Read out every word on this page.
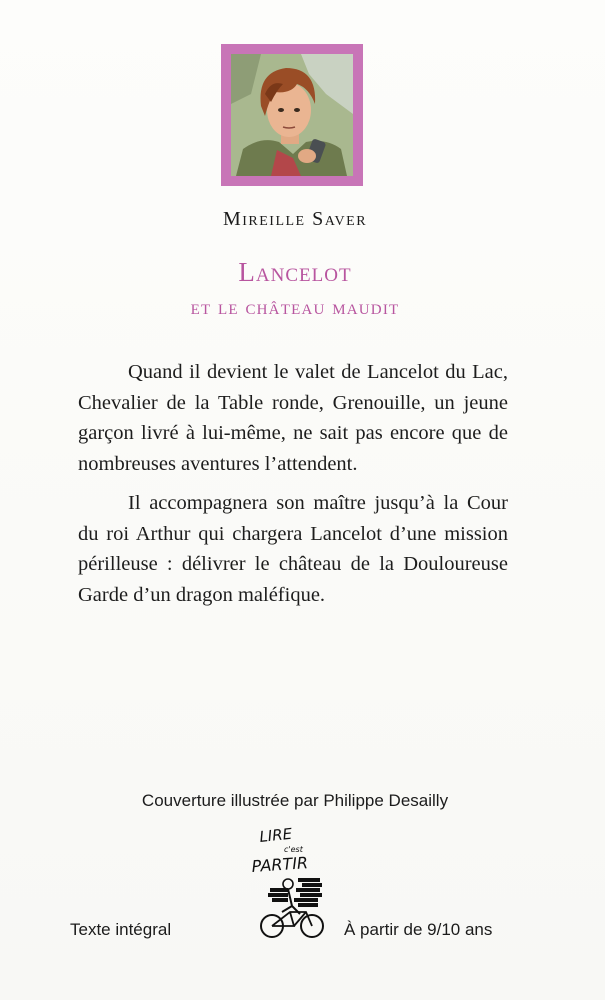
Mireille Saver
Lancelot
et le château maudit

Quand il devient le valet de Lancelot du Lac, Chevalier de la Table ronde, Grenouille, un jeune garçon livré à lui-même, ne sait pas encore que de nombreuses aventures l’attendent.

Il accompagnera son maître jusqu’à la Cour du roi Arthur qui chargera Lancelot d’une mission périlleuse : délivrer le château de la Douloureuse Garde d’un dragon maléfique.

Couverture illustrée par Philippe Desailly
LIRE
c'est
PARTIR
Texte intégral	À partir de 9/10 ans
